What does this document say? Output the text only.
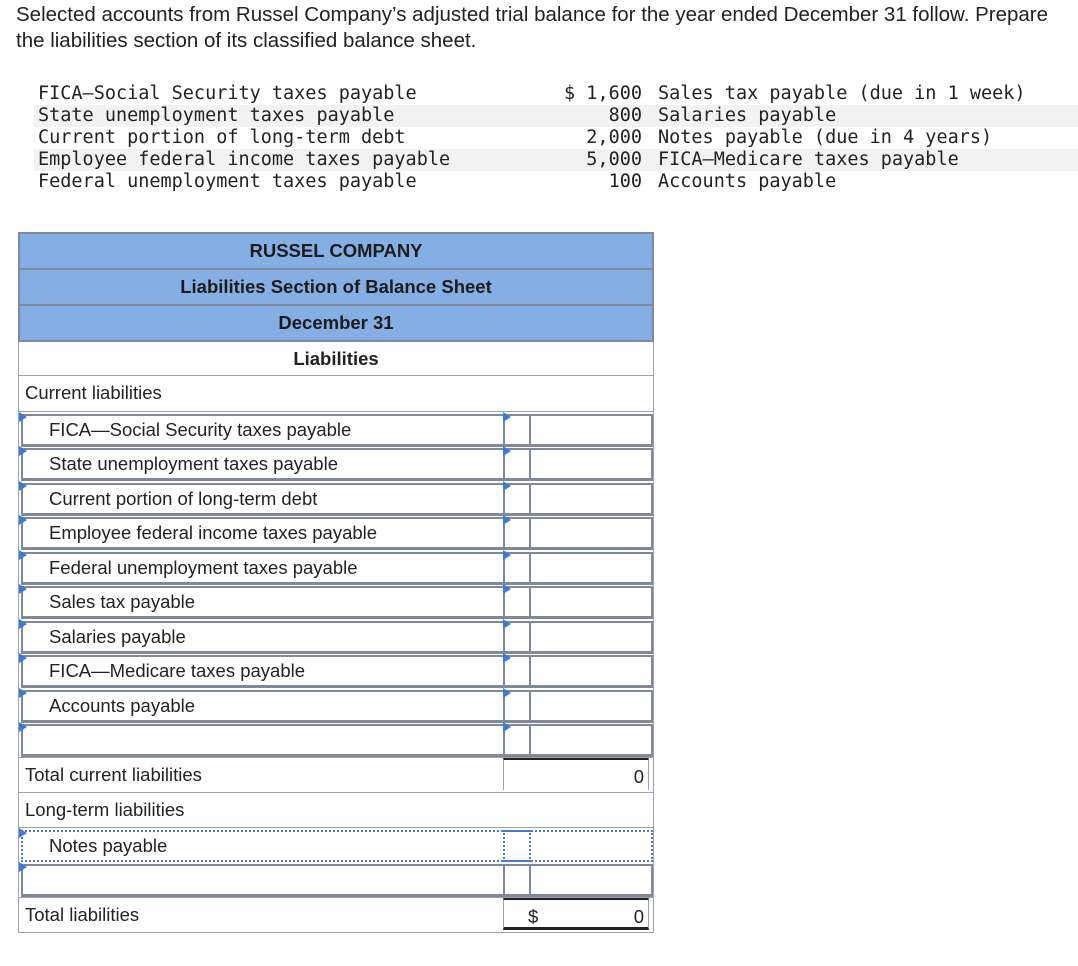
Selected accounts from Russel Company’s adjusted trial balance for the year ended December 31 follow. Prepare the liabilities section of its classified balance sheet.
FICA—Social Security taxes payable	$ 1,600 Sales tax payable (due in 1 week)
State unemployment taxes payable	800 Salaries payable
Current portion of long-term debt	2,000 Notes payable (due in 4 years)
Employee federal income taxes payable	5,000 FICA—Medicare taxes payable
Federal unemployment taxes payable	100 Accounts payable
RUSSEL COMPANY
Liabilities Section of Balance Sheet
December 31
Liabilities
Current liabilities
FICA—Social Security taxes payable
State unemployment taxes payable
Current portion of long-term debt
Employee federal income taxes payable
Federal unemployment taxes payable
Sales tax payable
Salaries payable
FICA—Medicare taxes payable
Accounts payable
Total current liabilities	0
Long-term liabilities
Notes payable
Total liabilities	$	0
